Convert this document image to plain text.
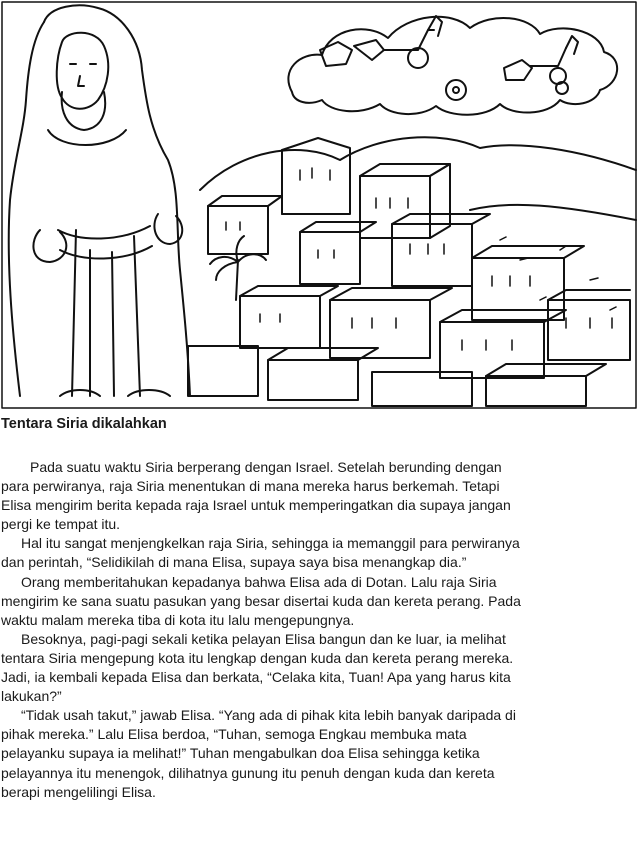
Tentara Siria dikalahkan
Pada suatu waktu Siria berperang dengan Israel. Setelah berunding dengan
para perwiranya, raja Siria menentukan di mana mereka harus berkemah. Tetapi
Elisa mengirim berita kepada raja Israel untuk memperingatkan dia supaya jangan
pergi ke tempat itu.
Hal itu sangat menjengkelkan raja Siria, sehingga ia memanggil para perwiranya
dan perintah, “Selidikilah di mana Elisa, supaya saya bisa menangkap dia.”
Orang memberitahukan kepadanya bahwa Elisa ada di Dotan. Lalu raja Siria
mengirim ke sana suatu pasukan yang besar disertai kuda dan kereta perang. Pada
waktu malam mereka tiba di kota itu lalu mengepungnya.
Besoknya, pagi-pagi sekali ketika pelayan Elisa bangun dan ke luar, ia melihat
tentara Siria mengepung kota itu lengkap dengan kuda dan kereta perang mereka.
Jadi, ia kembali kepada Elisa dan berkata, “Celaka kita, Tuan! Apa yang harus kita
lakukan?”
“Tidak usah takut,” jawab Elisa. “Yang ada di pihak kita lebih banyak daripada di
pihak mereka.” Lalu Elisa berdoa, “Tuhan, semoga Engkau membuka mata
pelayanku supaya ia melihat!” Tuhan mengabulkan doa Elisa sehingga ketika
pelayannya itu menengok, dilihatnya gunung itu penuh dengan kuda dan kereta
berapi mengelilingi Elisa.
